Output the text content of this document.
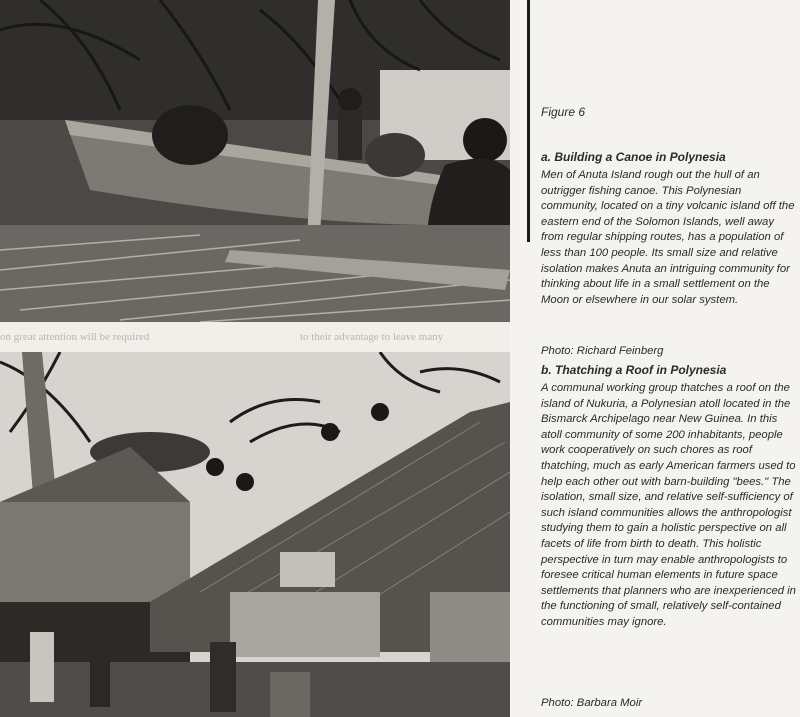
on great attention will be required	to their advantage to leave many
Figure 6

a. Building a Canoe in Polynesia

Men of Anuta Island rough out the hull of an outrigger fishing canoe. This Polynesian community, located on a tiny volcanic island off the eastern end of the Solomon Islands, well away from regular shipping routes, has a population of less than 100 people. Its small size and relative isolation makes Anuta an intriguing community for thinking about life in a small settlement on the Moon or elsewhere in our solar system.

Photo: Richard Feinberg

b. Thatching a Roof in Polynesia

A communal working group thatches a roof on the island of Nukuria, a Polynesian atoll located in the Bismarck Archipelago near New Guinea. In this atoll community of some 200 inhabitants, people work cooperatively on such chores as roof thatching, much as early American farmers used to help each other out with barn-building "bees." The isolation, small size, and relative self-sufficiency of such island communities allows the anthropologist studying them to gain a holistic perspective on all facets of life from birth to death. This holistic perspective in turn may enable anthropologists to foresee critical human elements in future space settlements that planners who are inexperienced in the functioning of small, relatively self-contained communities may ignore.

Photo: Barbara Moir
